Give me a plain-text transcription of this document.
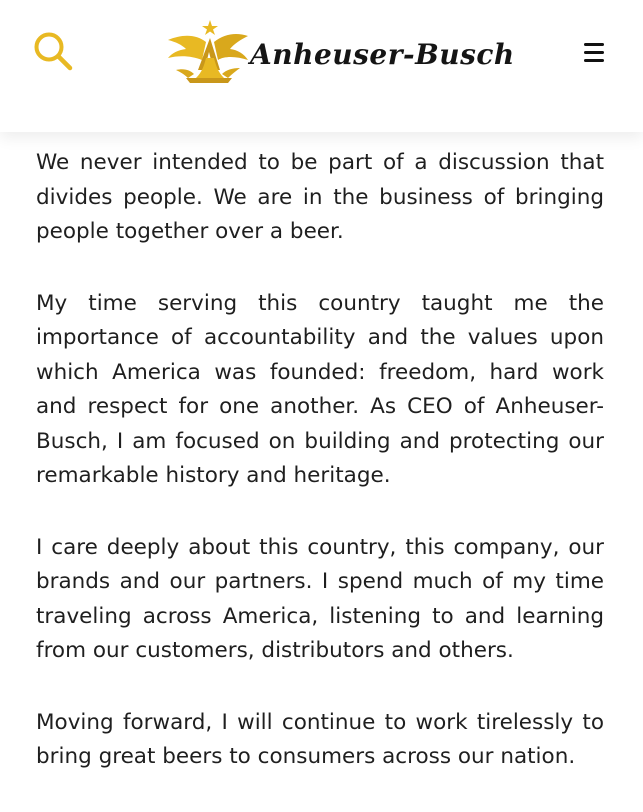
Anheuser-Busch

We never intended to be part of a discussion that divides people. We are in the business of bringing people together over a beer.

My time serving this country taught me the importance of accountability and the values upon which America was founded: freedom, hard work and respect for one another. As CEO of Anheuser-Busch, I am focused on building and protecting our remarkable history and heritage.

I care deeply about this country, this company, our brands and our partners. I spend much of my time traveling across America, listening to and learning from our customers, distributors and others.

Moving forward, I will continue to work tirelessly to bring great beers to consumers across our nation.
